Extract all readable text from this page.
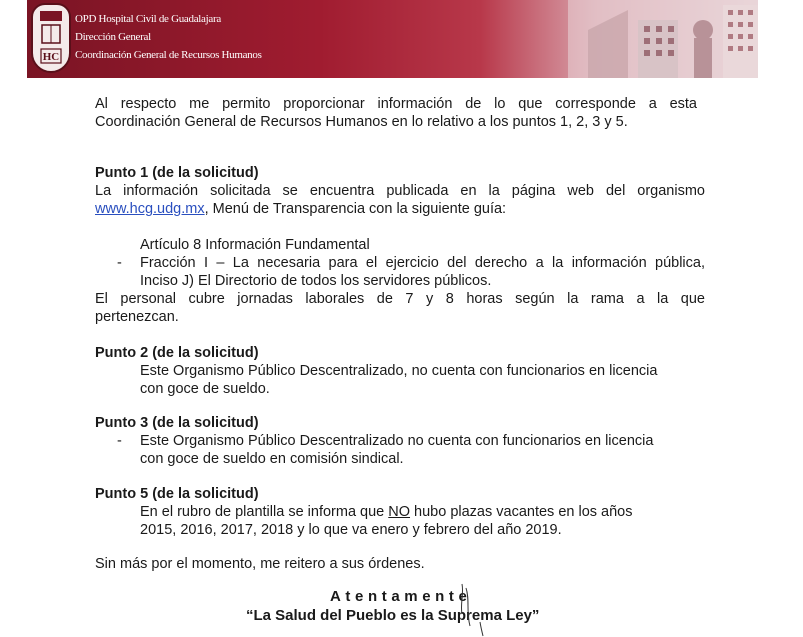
HC
OPD Hospital Civil de Guadalajara
Dirección General
Coordinación General de Recursos Humanos
Al respecto me permito proporcionar información de lo que corresponde a esta
Coordinación General de Recursos Humanos en lo relativo a los puntos 1, 2, 3 y 5.
Punto 1 (de la solicitud)
La información solicitada se encuentra publicada en la página web del organismo
www.hcg.udg.mx, Menú de Transparencia con la siguiente guía:
Artículo 8 Información Fundamental
- Fracción I – La necesaria para el ejercicio del derecho a la información pública,
Inciso J) El Directorio de todos los servidores públicos.
El personal cubre jornadas laborales de 7 y 8 horas según la rama a la que
pertenezcan.
Punto 2 (de la solicitud)
Este Organismo Público Descentralizado, no cuenta con funcionarios en licencia
con goce de sueldo.
Punto 3 (de la solicitud)
- Este Organismo Público Descentralizado no cuenta con funcionarios en licencia
con goce de sueldo en comisión sindical.
Punto 5 (de la solicitud)
En el rubro de plantilla se informa que NO hubo plazas vacantes en los años
2015, 2016, 2017, 2018 y lo que va enero y febrero del año 2019.
Sin más por el momento, me reitero a sus órdenes.
Atentamente
“La Salud del Pueblo es la Suprema Ley”
